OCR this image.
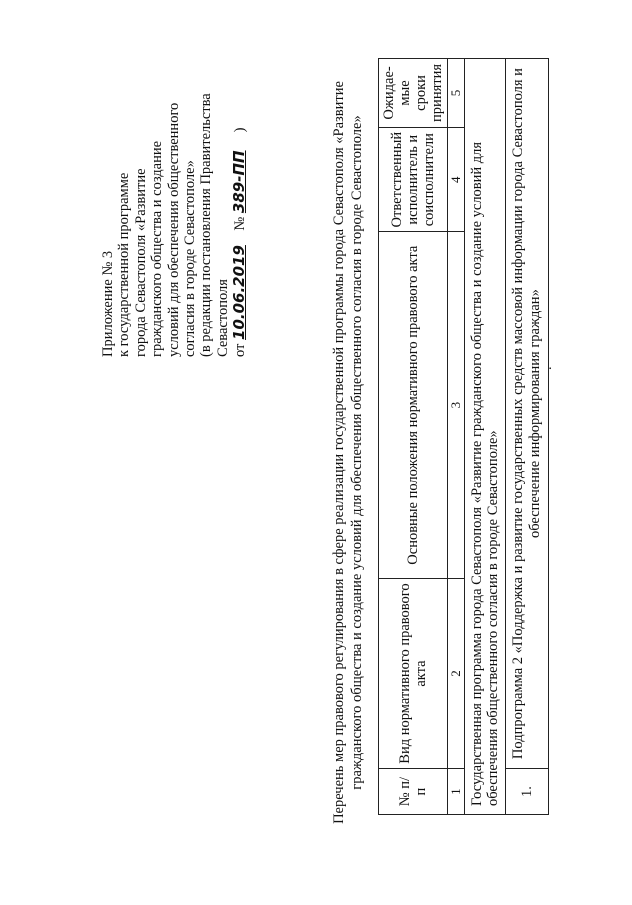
Приложение № 3 к государственной программе города Севастополя «Развитие гражданского общества и создание условий для обеспечения общественного согласия в городе Севастополе» (в редакции постановления Правительства Севастополя от 10.06.2019    № 389-ПП     )	Перечень мер правового регулирования в сфере реализации государственной программы города Севастополя «Развитие гражданского общества и создание условий для обеспечения общественного согласия в городе Севастополе»
№ п/п	Вид нормативного правового акта	Основные положения нормативного правового акта	Ответственный исполнитель и соисполнители	Ожидае-мые сроки принятия
1	2	3	4	5
Государственная программа города Севастополя «Развитие гражданского общества и создание условий для обеспечения общественного согласия в городе Севастополе»				
1.	Подпрограмма 2 «Поддержка и развитие государственных средств массовой информации города Севастополя и обеспечение информирования граждан»			
.
